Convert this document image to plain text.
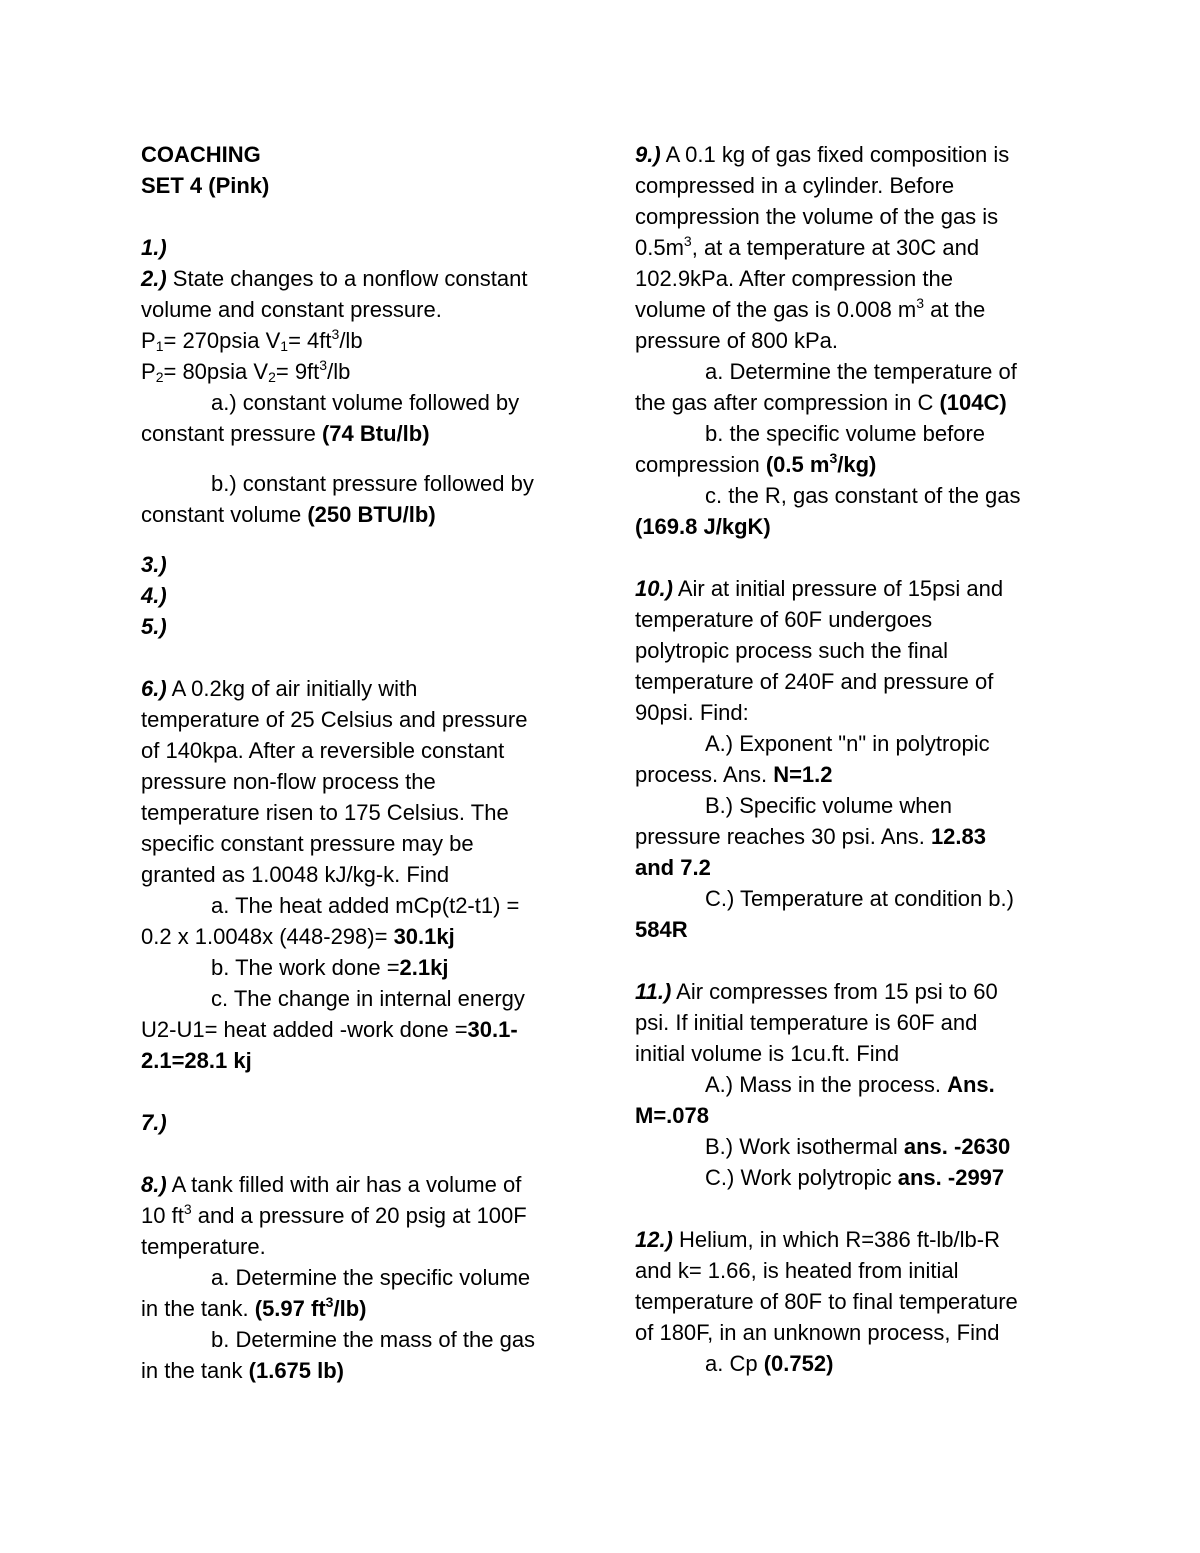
COACHING
SET 4 (Pink)
1.)
2.) State changes to a nonflow constant
volume and constant pressure.
$P_1=$ 270psia $V_1= 4ft^3/lb$
$P_2=$ 80psia $V_2= 9ft^3/lb$
a.) constant volume followed by
constant pressure (74 Btu/lb)
b.) constant pressure followed by
constant volume (250 BTU/lb)
3.)
4.)
5.)
6.) A 0.2kg of air initially with
temperature of 25 Celsius and pressure
of 140kpa. After a reversible constant
pressure non-flow process the
temperature risen to 175 Celsius. The
specific constant pressure may be
granted as 1.0048 kJ/kg-k. Find
a. The heat added mCp(t2-t1) =
0.2 x 1.0048x (448-298)= 30.1kj
b. The work done =2.1kj
c. The change in internal energy
U2-U1= heat added -work done =30.1-
2.1=28.1 kj
7.)
8.) A tank filled with air has a volume of
10 $ft^3$ and a pressure of 20 psig at 100F
temperature.
a. Determine the specific volume
in the tank. (5.97 $ft^3/lb$)
b. Determine the mass of the gas
in the tank (1.675 lb)
9.) A 0.1 kg of gas fixed composition is
compressed in a cylinder. Before
compression the volume of the gas is
$0.5m^3$, at a temperature at 30C and
102.9kPa. After compression the
volume of the gas is 0.008 $m^3$ at the
pressure of 800 kPa.
a. Determine the temperature of
the gas after compression in C (104C)
b. the specific volume before
compression (0.5 $m^3/kg$)
c. the R, gas constant of the gas
(169.8 J/kgK)
10.) Air at initial pressure of 15psi and
temperature of 60F undergoes
polytropic process such the final
temperature of 240F and pressure of
90psi. Find:
A.) Exponent "n" in polytropic
process. Ans. N=1.2
B.) Specific volume when
pressure reaches 30 psi. Ans. 12.83
and 7.2
C.) Temperature at condition b.)
584R
11.) Air compresses from 15 psi to 60
psi. If initial temperature is 60F and
initial volume is 1cu.ft. Find
A.) Mass in the process. Ans.
M=.078
B.) Work isothermal ans. -2630
C.) Work polytropic ans. -2997
12.) Helium, in which R=386 ft-lb/lb-R
and k= 1.66, is heated from initial
temperature of 80F to final temperature
of 180F, in an unknown process, Find
a. Cp (0.752)
